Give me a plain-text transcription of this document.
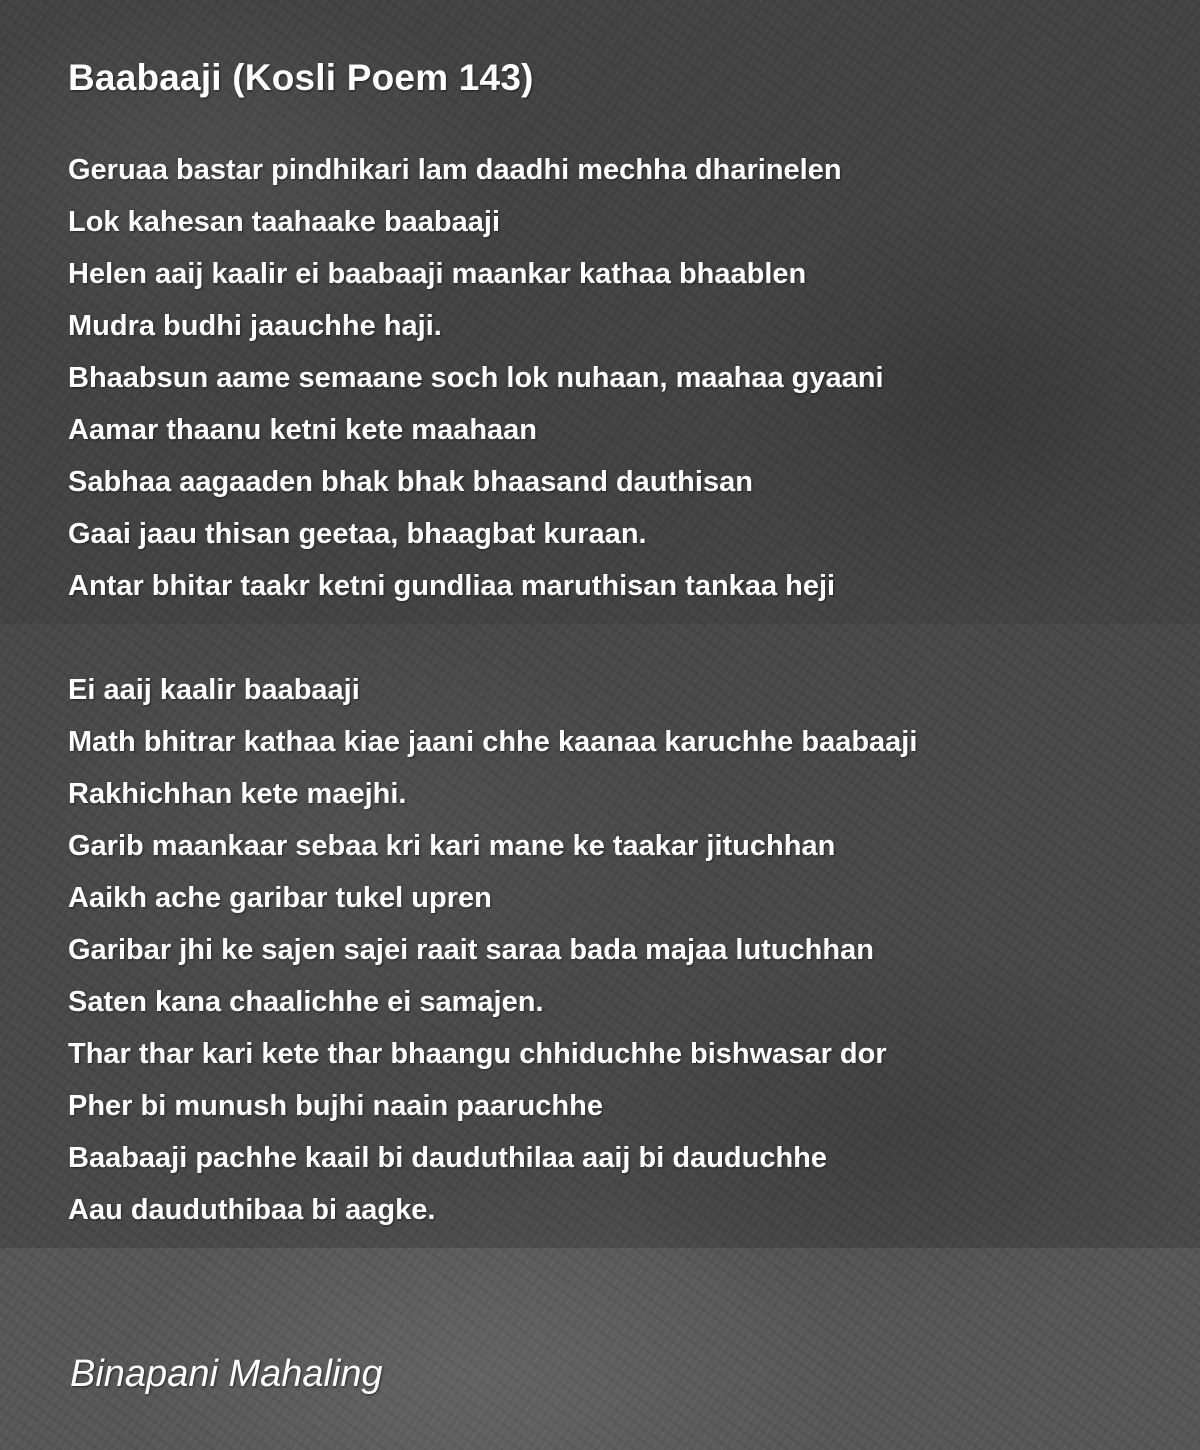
Baabaaji (Kosli Poem 143)

Geruaa bastar pindhikari lam daadhi mechha dharinelen
Lok kahesan taahaake baabaaji
Helen aaij kaalir ei baabaaji maankar kathaa bhaablen
Mudra budhi jaauchhe haji.
Bhaabsun aame semaane soch lok nuhaan, maahaa gyaani
Aamar thaanu ketni kete maahaan
Sabhaa aagaaden bhak bhak bhaasand dauthisan
Gaai jaau thisan geetaa, bhaagbat kuraan.
Antar bhitar taakr ketni gundliaa maruthisan tankaa heji

Ei aaij kaalir baabaaji
Math bhitrar kathaa kiae jaani chhe kaanaa karuchhe baabaaji
Rakhichhan kete maejhi.
Garib maankaar sebaa kri kari mane ke taakar jituchhan
Aaikh ache garibar tukel upren
Garibar jhi ke sajen sajei raait saraa bada majaa lutuchhan
Saten kana chaalichhe ei samajen.
Thar thar kari kete thar bhaangu chhiduchhe bishwasar dor
Pher bi munush bujhi naain paaruchhe
Baabaaji pachhe kaail bi dauduthilaa aaij bi dauduchhe
Aau dauduthibaa bi aagke.

Binapani Mahaling
